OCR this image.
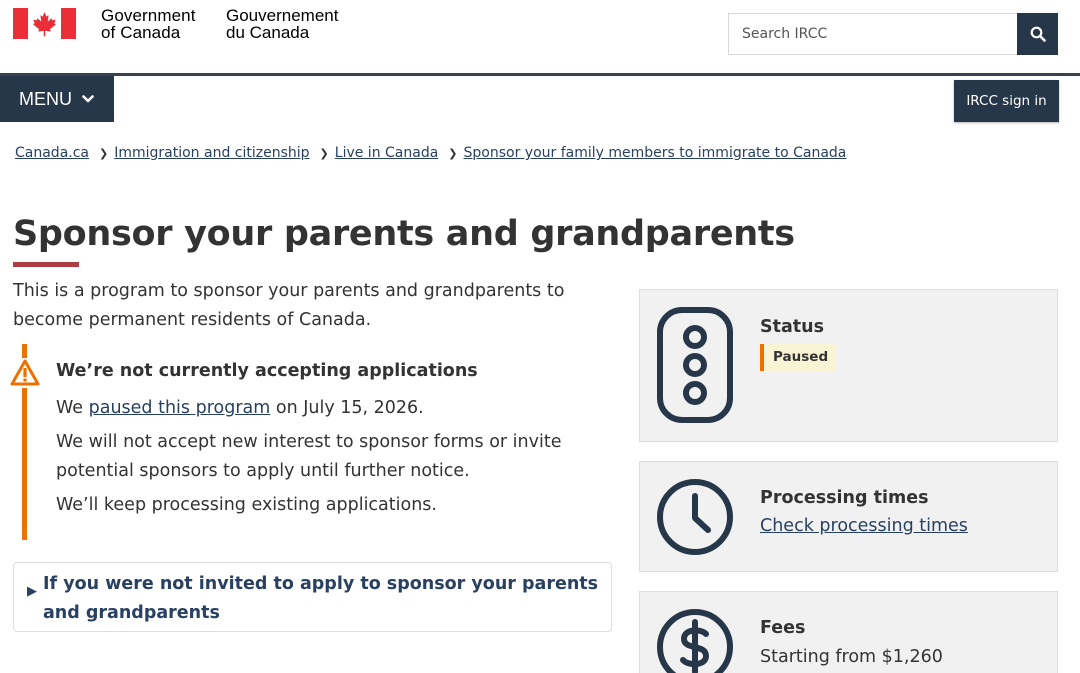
Government
of Canada
Gouvernement
du Canada	Search IRCC
MENU	IRCC sign in
Canada.ca ❯ Immigration and citizenship ❯ Live in Canada ❯ Sponsor your family members to immigrate to Canada
Sponsor your parents and grandparents

This is a program to sponsor your parents and grandparents to become permanent residents of Canada.

We’re not currently accepting applications

We paused this program on July 15, 2026.

We will not accept new interest to sponsor forms or invite potential sponsors to apply until further notice.

We’ll keep processing existing applications.

▶ If you were not invited to apply to sponsor your parents and grandparents
Status
Paused
Processing times
Check processing times
Fees
Starting from $1,260
